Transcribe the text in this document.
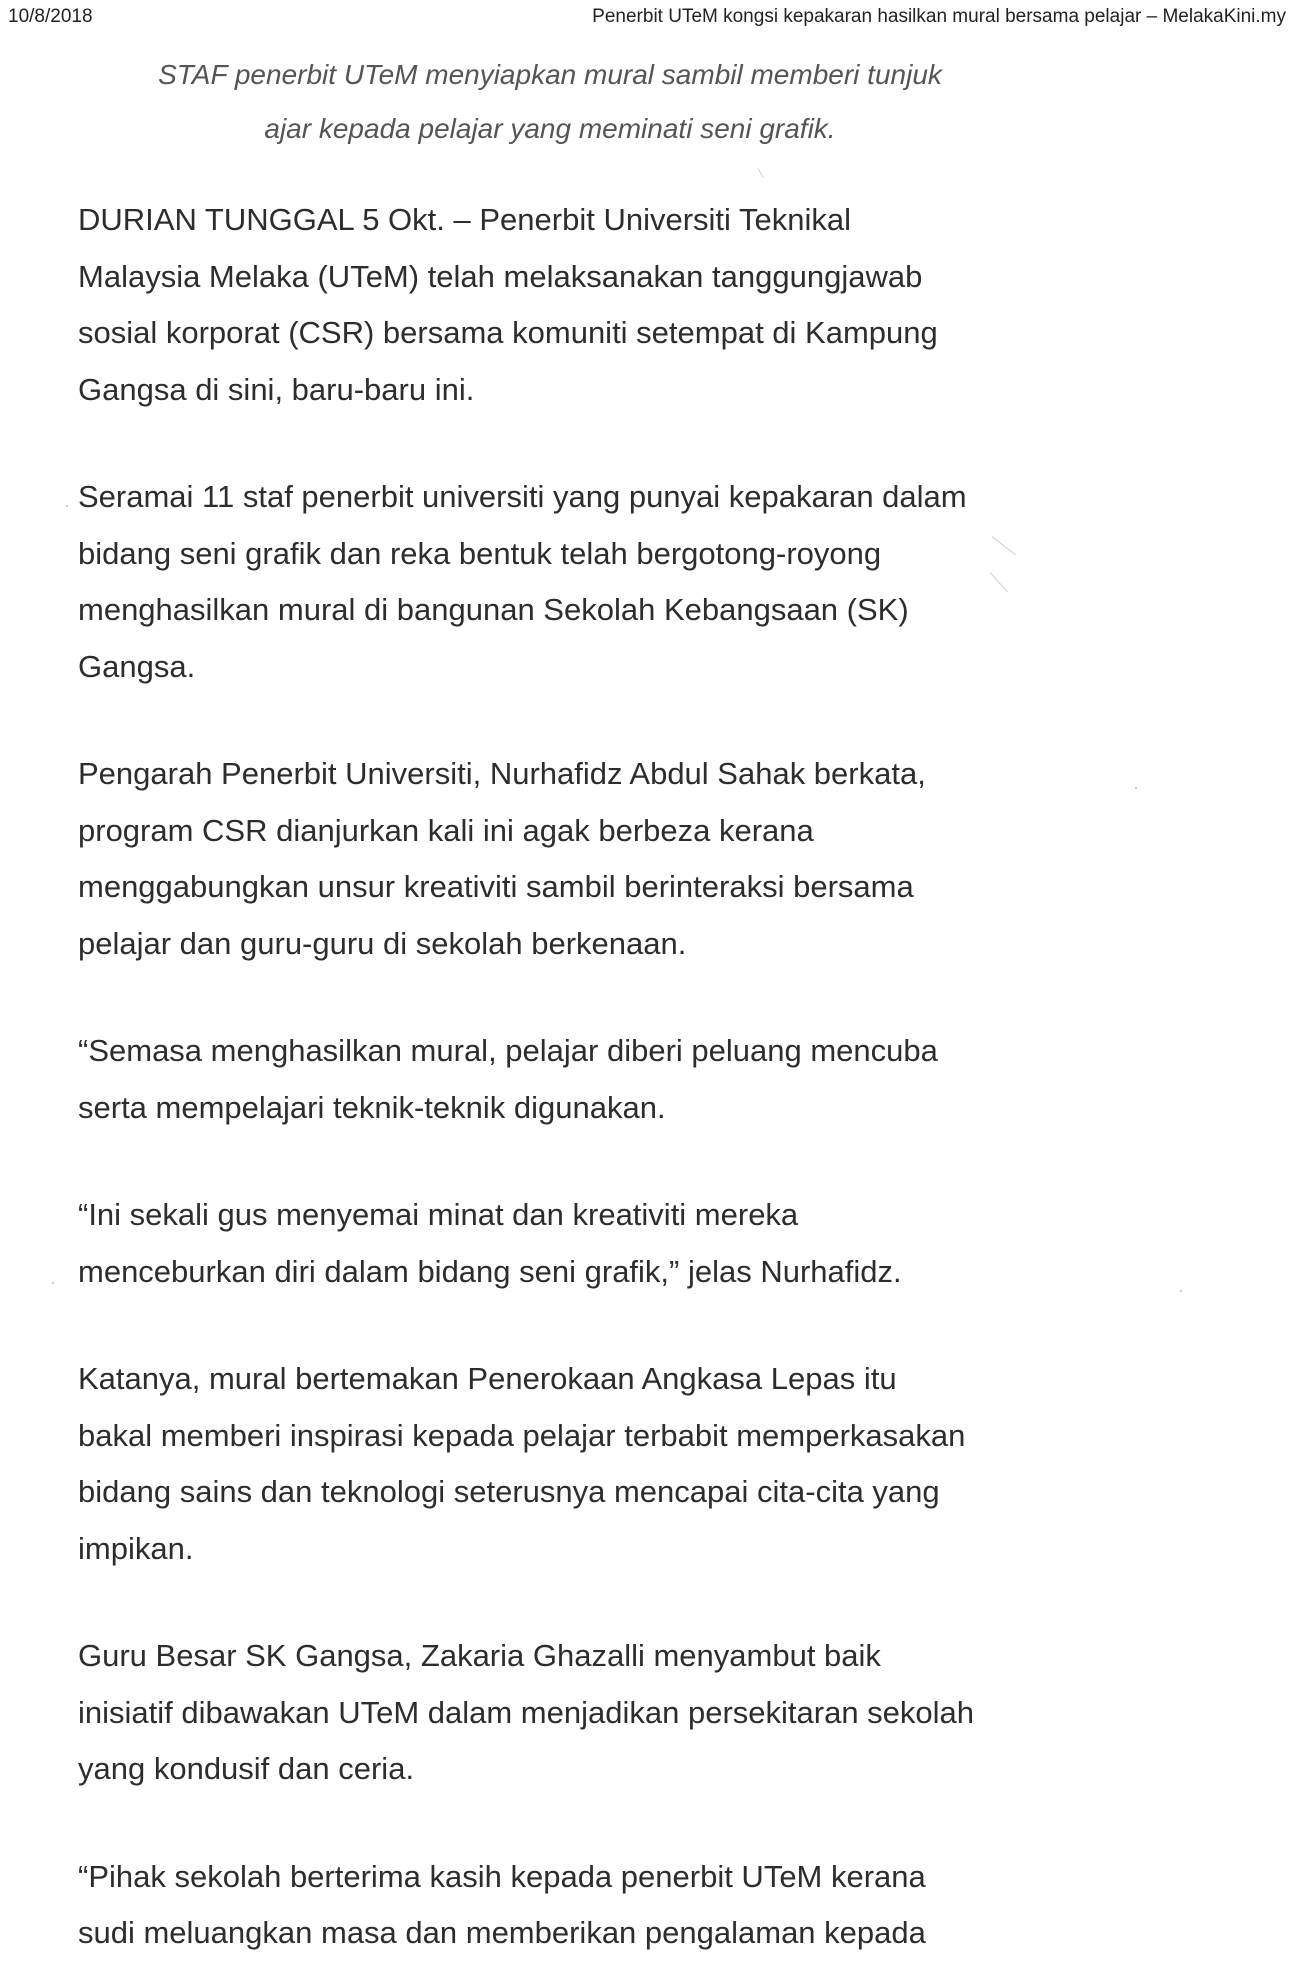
10/8/2018	Penerbit UTeM kongsi kepakaran hasilkan mural bersama pelajar – MelakaKini.my
STAF penerbit UTeM menyiapkan mural sambil memberi tunjuk
ajar kepada pelajar yang meminati seni grafik.

DURIAN TUNGGAL 5 Okt. – Penerbit Universiti Teknikal
Malaysia Melaka (UTeM) telah melaksanakan tanggungjawab
sosial korporat (CSR) bersama komuniti setempat di Kampung
Gangsa di sini, baru-baru ini.

Seramai 11 staf penerbit universiti yang punyai kepakaran dalam
bidang seni grafik dan reka bentuk telah bergotong-royong
menghasilkan mural di bangunan Sekolah Kebangsaan (SK)
Gangsa.

Pengarah Penerbit Universiti, Nurhafidz Abdul Sahak berkata,
program CSR dianjurkan kali ini agak berbeza kerana
menggabungkan unsur kreativiti sambil berinteraksi bersama
pelajar dan guru-guru di sekolah berkenaan.

“Semasa menghasilkan mural, pelajar diberi peluang mencuba
serta mempelajari teknik-teknik digunakan.

“Ini sekali gus menyemai minat dan kreativiti mereka
menceburkan diri dalam bidang seni grafik,” jelas Nurhafidz.

Katanya, mural bertemakan Penerokaan Angkasa Lepas itu
bakal memberi inspirasi kepada pelajar terbabit memperkasakan
bidang sains dan teknologi seterusnya mencapai cita-cita yang
impikan.

Guru Besar SK Gangsa, Zakaria Ghazalli menyambut baik
inisiatif dibawakan UTeM dalam menjadikan persekitaran sekolah
yang kondusif dan ceria.

“Pihak sekolah berterima kasih kepada penerbit UTeM kerana
sudi meluangkan masa dan memberikan pengalaman kepada
